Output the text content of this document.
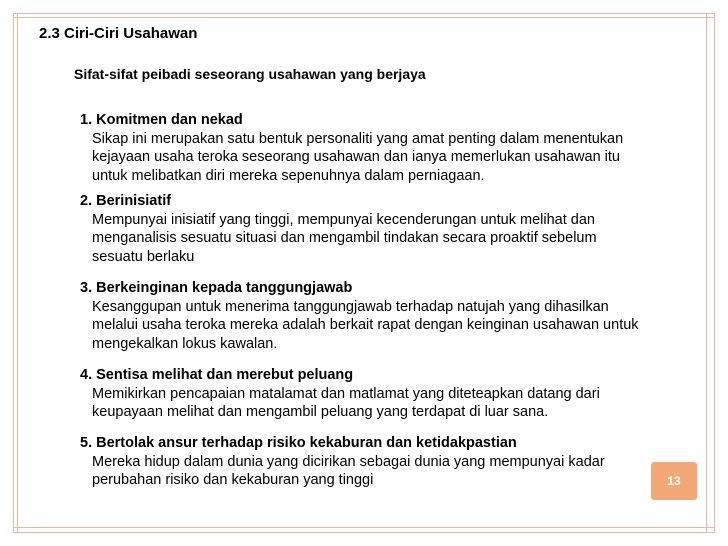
2.3 Ciri-Ciri Usahawan
Sifat-sifat peibadi seseorang usahawan yang berjaya
1. Komitmen dan nekad
Sikap ini merupakan satu bentuk personaliti yang amat penting dalam menentukan
kejayaan usaha teroka seseorang usahawan dan ianya memerlukan usahawan itu
untuk melibatkan diri mereka sepenuhnya dalam perniagaan.
2. Berinisiatif
Mempunyai inisiatif yang tinggi, mempunyai kecenderungan untuk melihat dan
menganalisis sesuatu situasi dan mengambil tindakan secara proaktif sebelum
sesuatu berlaku
3. Berkeinginan kepada tanggungjawab
Kesanggupan untuk menerima tanggungjawab terhadap natujah yang dihasilkan
melalui usaha teroka mereka adalah berkait rapat dengan keinginan usahawan untuk
mengekalkan lokus kawalan.
4. Sentisa melihat dan merebut peluang
Memikirkan pencapaian matalamat dan matlamat yang diteteapkan datang dari
keupayaan melihat dan mengambil peluang yang terdapat di luar sana.
5. Bertolak ansur terhadap risiko kekaburan dan ketidakpastian
Mereka hidup dalam dunia yang dicirikan sebagai dunia yang mempunyai kadar
perubahan risiko dan kekaburan yang tinggi	13
